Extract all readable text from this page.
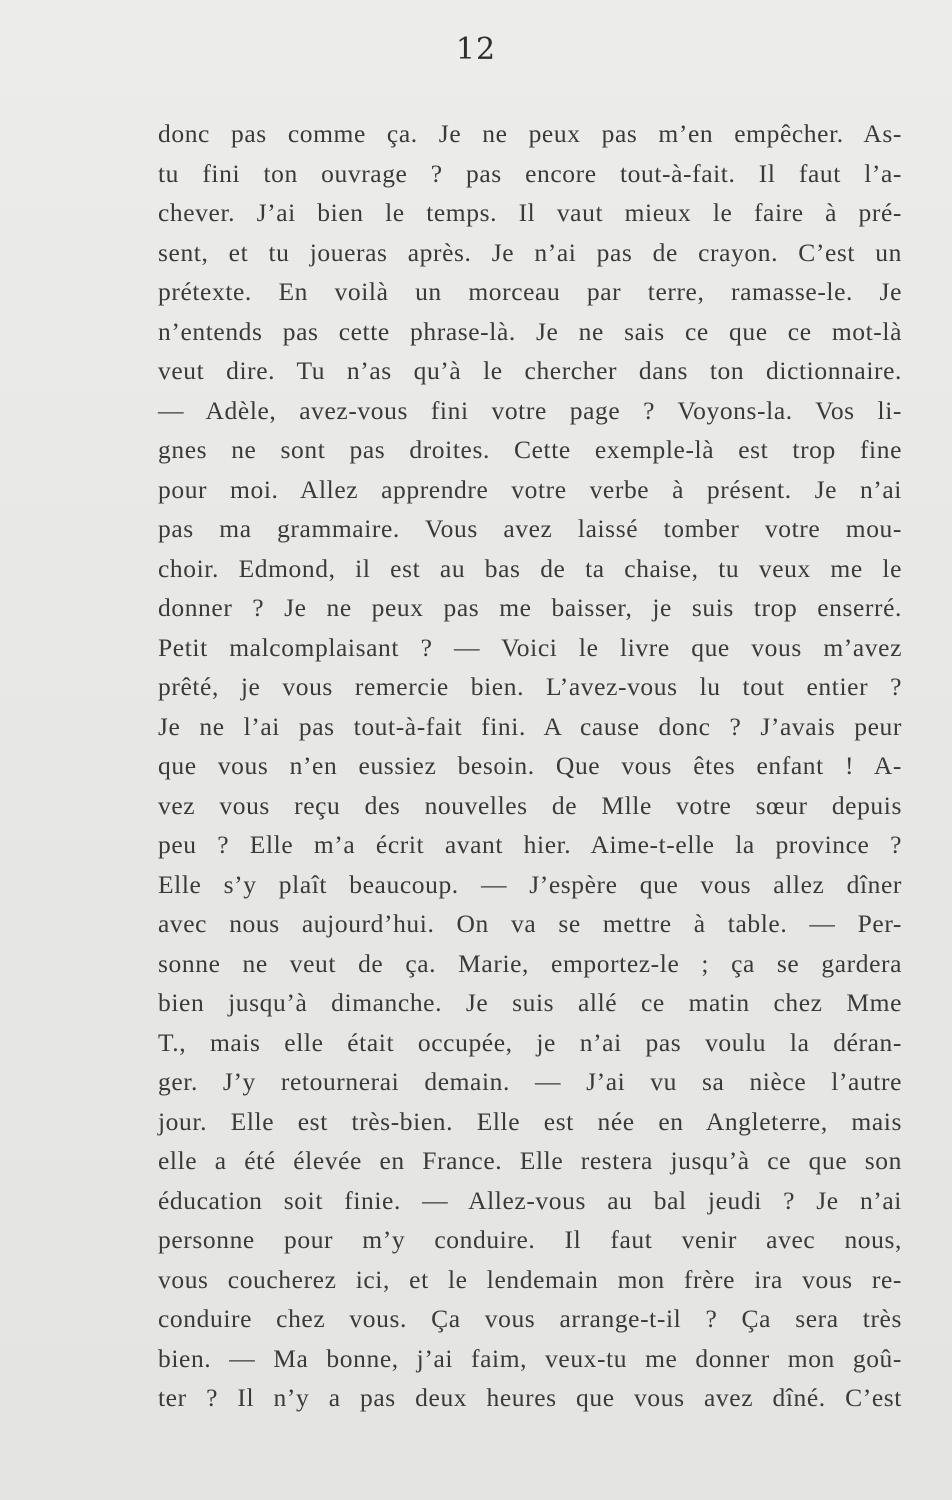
12
donc pas comme ça. Je ne peux pas m’en empêcher. As-
tu fini ton ouvrage ? pas encore tout-à-fait. Il faut l’a-
chever. J’ai bien le temps. Il vaut mieux le faire à pré-
sent, et tu joueras après. Je n’ai pas de crayon. C’est un
prétexte. En voilà un morceau par terre, ramasse-le. Je
n’entends pas cette phrase-là. Je ne sais ce que ce mot-là
veut dire. Tu n’as qu’à le chercher dans ton dictionnaire.
— Adèle, avez-vous fini votre page ? Voyons-la. Vos li-
gnes ne sont pas droites. Cette exemple-là est trop fine
pour moi. Allez apprendre votre verbe à présent. Je n’ai
pas ma grammaire. Vous avez laissé tomber votre mou-
choir. Edmond, il est au bas de ta chaise, tu veux me le
donner ? Je ne peux pas me baisser, je suis trop enserré.
Petit malcomplaisant ? — Voici le livre que vous m’avez
prêté, je vous remercie bien. L’avez-vous lu tout entier ?
Je ne l’ai pas tout-à-fait fini. A cause donc ? J’avais peur
que vous n’en eussiez besoin. Que vous êtes enfant ! A-
vez vous reçu des nouvelles de Mlle votre sœur depuis
peu ? Elle m’a écrit avant hier. Aime-t-elle la province ?
Elle s’y plaît beaucoup. — J’espère que vous allez dîner
avec nous aujourd’hui. On va se mettre à table. — Per-
sonne ne veut de ça. Marie, emportez-le ; ça se gardera
bien jusqu’à dimanche. Je suis allé ce matin chez Mme
T., mais elle était occupée, je n’ai pas voulu la déran-
ger. J’y retournerai demain. — J’ai vu sa nièce l’autre
jour. Elle est très-bien. Elle est née en Angleterre, mais
elle a été élevée en France. Elle restera jusqu’à ce que son
éducation soit finie. — Allez-vous au bal jeudi ? Je n’ai
personne pour m’y conduire. Il faut venir avec nous,
vous coucherez ici, et le lendemain mon frère ira vous re-
conduire chez vous. Ça vous arrange-t-il ? Ça sera très
bien. — Ma bonne, j’ai faim, veux-tu me donner mon goû-
ter ? Il n’y a pas deux heures que vous avez dîné. C’est
